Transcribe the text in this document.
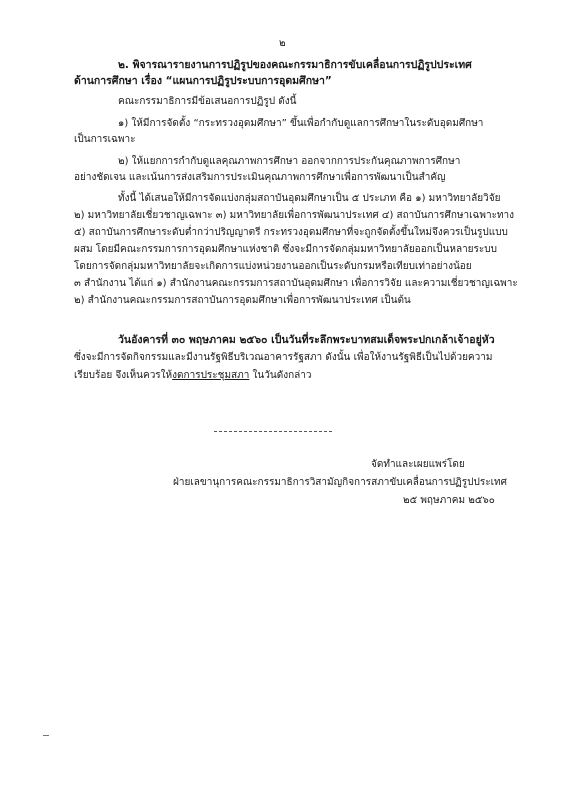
๒
๒. พิจารณารายงานการปฏิรูปของคณะกรรมาธิการขับเคลื่อนการปฏิรูปประเทศ
ด้านการศึกษา เรื่อง “แผนการปฏิรูประบบการอุดมศึกษา”
คณะกรรมาธิการมีข้อเสนอการปฏิรูป ดังนี้
๑) ให้มีการจัดตั้ง “กระทรวงอุดมศึกษา” ขึ้นเพื่อกำกับดูแลการศึกษาในระดับอุดมศึกษา
เป็นการเฉพาะ
๒) ให้แยกการกำกับดูแลคุณภาพการศึกษา ออกจากการประกันคุณภาพการศึกษา
อย่างชัดเจน และเน้นการส่งเสริมการประเมินคุณภาพการศึกษาเพื่อการพัฒนาเป็นสำคัญ
ทั้งนี้ ได้เสนอให้มีการจัดแบ่งกลุ่มสถาบันอุดมศึกษาเป็น ๕ ประเภท คือ ๑) มหาวิทยาลัยวิจัย
๒) มหาวิทยาลัยเชี่ยวชาญเฉพาะ ๓) มหาวิทยาลัยเพื่อการพัฒนาประเทศ ๔) สถาบันการศึกษาเฉพาะทาง
๕) สถาบันการศึกษาระดับต่ำกว่าปริญญาตรี กระทรวงอุดมศึกษาที่จะถูกจัดตั้งขึ้นใหม่จึงควรเป็นรูปแบบ
ผสม โดยมีคณะกรรมการการอุดมศึกษาแห่งชาติ ซึ่งจะมีการจัดกลุ่มมหาวิทยาลัยออกเป็นหลายระบบ
โดยการจัดกลุ่มมหาวิทยาลัยจะเกิดการแบ่งหน่วยงานออกเป็นระดับกรมหรือเทียบเท่าอย่างน้อย
๓ สำนักงาน ได้แก่ ๑) สำนักงานคณะกรรมการสถาบันอุดมศึกษา เพื่อการวิจัย และความเชี่ยวชาญเฉพาะ
๒) สำนักงานคณะกรรมการสถาบันการอุดมศึกษาเพื่อการพัฒนาประเทศ เป็นต้น
วันอังคารที่ ๓๐ พฤษภาคม ๒๕๖๐ เป็นวันที่ระลึกพระบาทสมเด็จพระปกเกล้าเจ้าอยู่หัว
ซึ่งจะมีการจัดกิจกรรมและมีงานรัฐพิธีบริเวณอาคารรัฐสภา ดังนั้น เพื่อให้งานรัฐพิธีเป็นไปด้วยความ
เรียบร้อย จึงเห็นควรให้งดการประชุมสภา ในวันดังกล่าว
จัดทำและเผยแพร่โดย
ฝ่ายเลขานุการคณะกรรมาธิการวิสามัญกิจการสภาขับเคลื่อนการปฏิรูปประเทศ
๒๕ พฤษภาคม ๒๕๖๐
